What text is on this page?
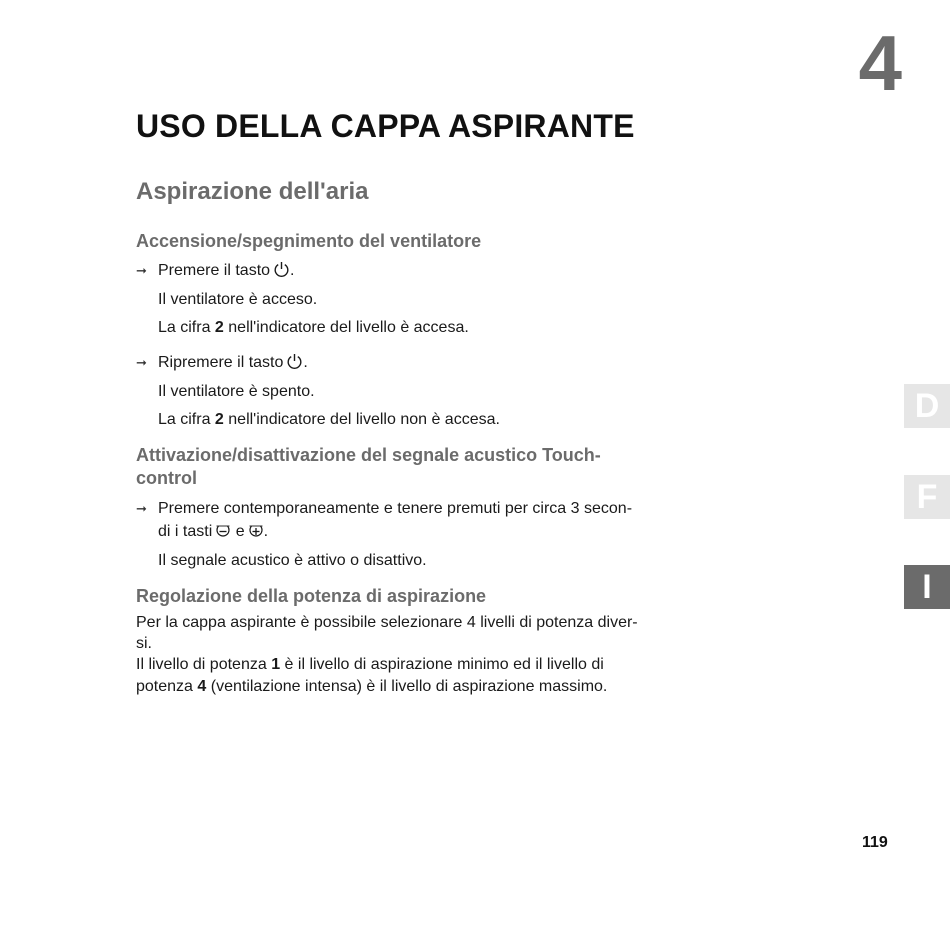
4
USO DELLA CAPPA ASPIRANTE
Aspirazione dell'aria
Accensione/spegnimento del ventilatore
➞ Premere il tasto .
Il ventilatore è acceso.
La cifra 2 nell'indicatore del livello è accesa.
➞ Ripremere il tasto .
Il ventilatore è spento.
La cifra 2 nell'indicatore del livello non è accesa.
Attivazione/disattivazione del segnale acustico Touch-
control
➞ Premere contemporaneamente e tenere premuti per circa 3 secon-
di i tasti e .
Il segnale acustico è attivo o disattivo.
Regolazione della potenza di aspirazione
Per la cappa aspirante è possibile selezionare 4 livelli di potenza diver-
si.
Il livello di potenza 1 è il livello di aspirazione minimo ed il livello di
potenza 4 (ventilazione intensa) è il livello di aspirazione massimo.
D
F
I
119
